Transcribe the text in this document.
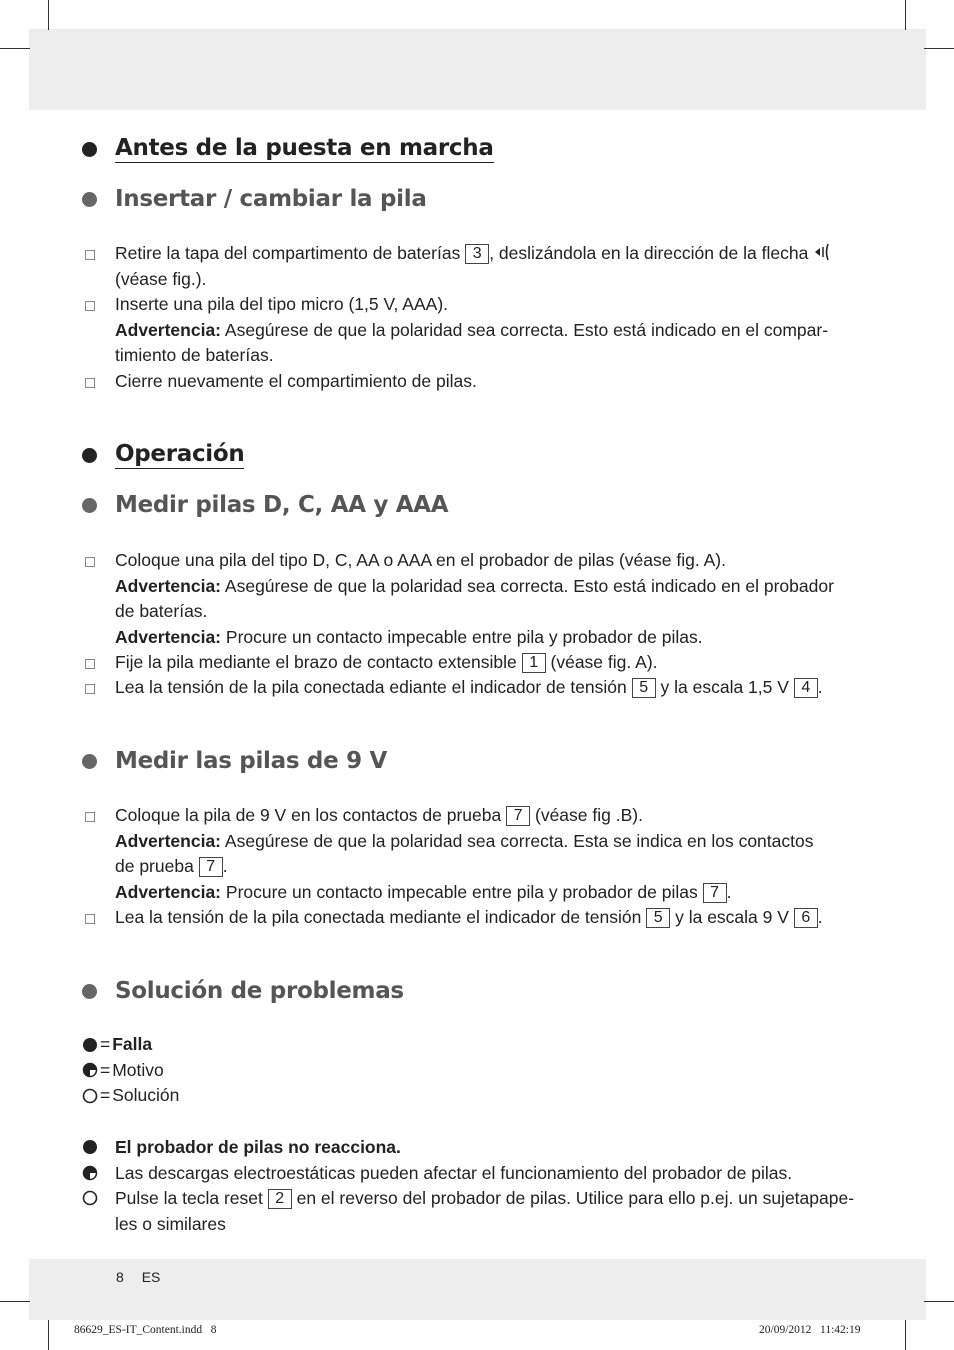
Antes de la puesta en marcha
Insertar / cambiar la pila

Retire la tapa del compartimento de baterías 3 , deslizándola en la dirección de la flecha

(véase fig.).

Inserte una pila del tipo micro (1,5 V, AAA).

Advertencia: Asegúrese de que la polaridad sea correcta. Esto está indicado en el compar-

timiento de baterías.

Cierre nuevamente el compartimiento de pilas.

Operación
Medir pilas D, C, AA y AAA

Coloque una pila del tipo D, C, AA o AAA en el probador de pilas (véase fig. A).

Advertencia: Asegúrese de que la polaridad sea correcta. Esto está indicado en el probador

de baterías.

Advertencia: Procure un contacto impecable entre pila y probador de pilas.

Fije la pila mediante el brazo de contacto extensible 1 (véase fig. A).

Lea la tensión de la pila conectada ediante el indicador de tensión 5 y la escala 1,5 V 4 .

Medir las pilas de 9 V

Coloque la pila de 9 V en los contactos de prueba 7 (véase fig .B).

Advertencia: Asegúrese de que la polaridad sea correcta. Esta se indica en los contactos

de prueba 7 .

Advertencia: Procure un contacto impecable entre pila y probador de pilas 7 .

Lea la tensión de la pila conectada mediante el indicador de tensión 5 y la escala 9 V 6 .

Solución de problemas
= Falla
= Motivo
= Solución
El probador de pilas no reacciona.
Las descargas electroestáticas pueden afectar el funcionamiento del probador de pilas.

Pulse la tecla reset 2 en el reverso del probador de pilas. Utilice para ello p.ej. un sujetapape-

les o similares

8 ES
86629_ES-IT_Content.indd   8	20/09/2012   11:42:19
